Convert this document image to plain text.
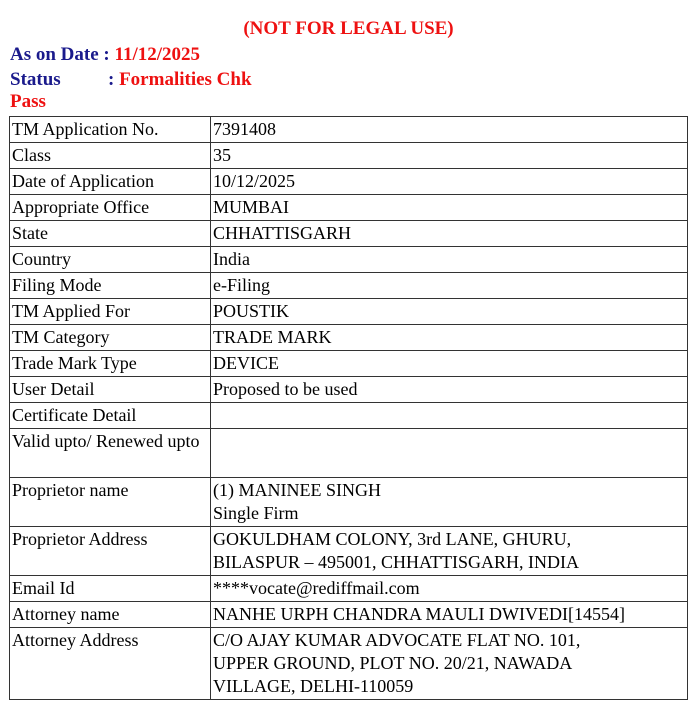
(NOT FOR LEGAL USE)
As on Date : 11/12/2025
Status : Formalities Chk
Pass
TM Application No.	7391408

Class	35

Date of Application	10/12/2025

Appropriate Office	MUMBAI

State	CHHATTISGARH

Country	India

Filing Mode	e-Filing

TM Applied For	POUSTIK

TM Category	TRADE MARK

Trade Mark Type	DEVICE

User Detail	Proposed to be used

Certificate Detail	
Valid upto/ Renewed upto	
Proprietor name	(1) MANINEE SINGH
Single Firm

Proprietor Address	GOKULDHAM COLONY, 3rd LANE, GHURU,
BILASPUR – 495001, CHHATTISGARH, INDIA

Email Id	****vocate@rediffmail.com

Attorney name	NANHE URPH CHANDRA MAULI DWIVEDI[14554]

Attorney Address	C/O AJAY KUMAR ADVOCATE FLAT NO. 101,
UPPER GROUND, PLOT NO. 20/21, NAWADA
VILLAGE, DELHI-110059
